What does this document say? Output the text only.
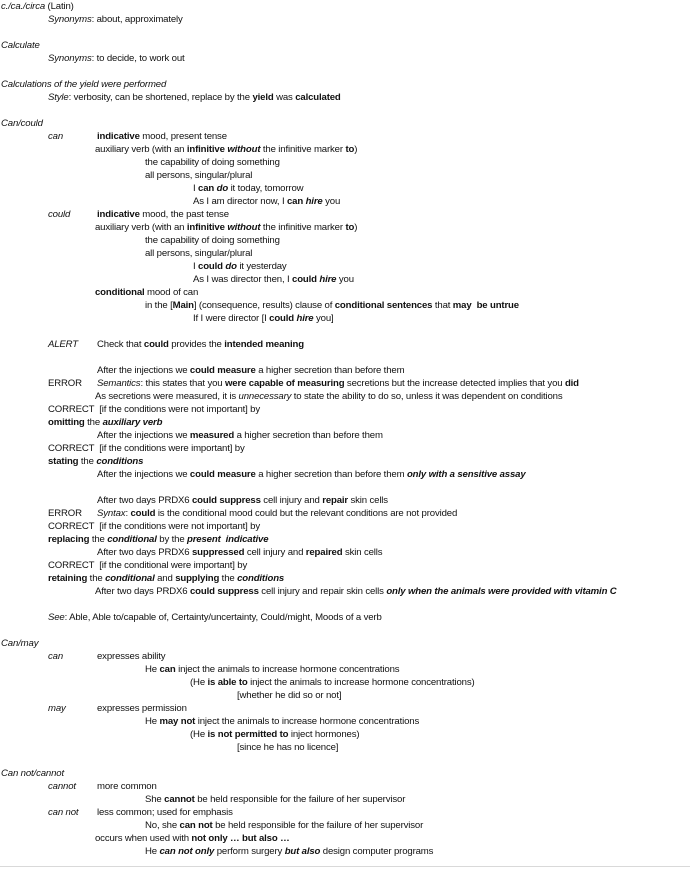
c./ca./circa (Latin)
Synonyms: about, approximately
Calculate
Synonyms: to decide, to work out
Calculations of the yield were performed
Style: verbosity, can be shortened, replace by the yield was calculated
Can/could
can	indicative mood, present tense
auxiliary verb (with an infinitive without the infinitive marker to)
the capability of doing something
all persons, singular/plural
I can do it today, tomorrow
As I am director now, I can hire you
could	indicative mood, the past tense
auxiliary verb (with an infinitive without the infinitive marker to)
the capability of doing something
all persons, singular/plural
I could do it yesterday
As I was director then, I could hire you
conditional mood of can
in the [Main] (consequence, results) clause of conditional sentences that may  be untrue
If I were director [I could hire you]
ALERT Check that could provides the intended meaning
After the injections we could measure a higher secretion than before them
ERROR Semantics: this states that you were capable of measuring secretions but the increase detected implies that you did
As secretions were measured, it is unnecessary to state the ability to do so, unless it was dependent on conditions
CORRECT  [if the conditions were not important] by
omitting the auxiliary verb
After the injections we measured a higher secretion than before them
CORRECT  [if the conditions were important] by
stating the conditions
After the injections we could measure a higher secretion than before them only with a sensitive assay
After two days PRDX6 could suppress cell injury and repair skin cells
ERROR Syntax: could is the conditional mood could but the relevant conditions are not provided
CORRECT  [if the conditions were not important] by
replacing the conditional by the present  indicative
After two days PRDX6 suppressed cell injury and repaired skin cells
CORRECT  [if the conditional were important] by
retaining the conditional and supplying the conditions
After two days PRDX6 could suppress cell injury and repair skin cells only when the animals were provided with vitamin C
See: Able, Able to/capable of, Certainty/uncertainty, Could/might, Moods of a verb
Can/may
can	expresses ability
He can inject the animals to increase hormone concentrations
(He is able to inject the animals to increase hormone concentrations)
[whether he did so or not]
may	expresses permission
He may not inject the animals to increase hormone concentrations
(He is not permitted to inject hormones)
[since he has no licence]
Can not/cannot
cannot more common
She cannot be held responsible for the failure of her supervisor
can not less common; used for emphasis
No, she can not be held responsible for the failure of her supervisor
occurs when used with not only … but also …
He can not only perform surgery but also design computer programs
